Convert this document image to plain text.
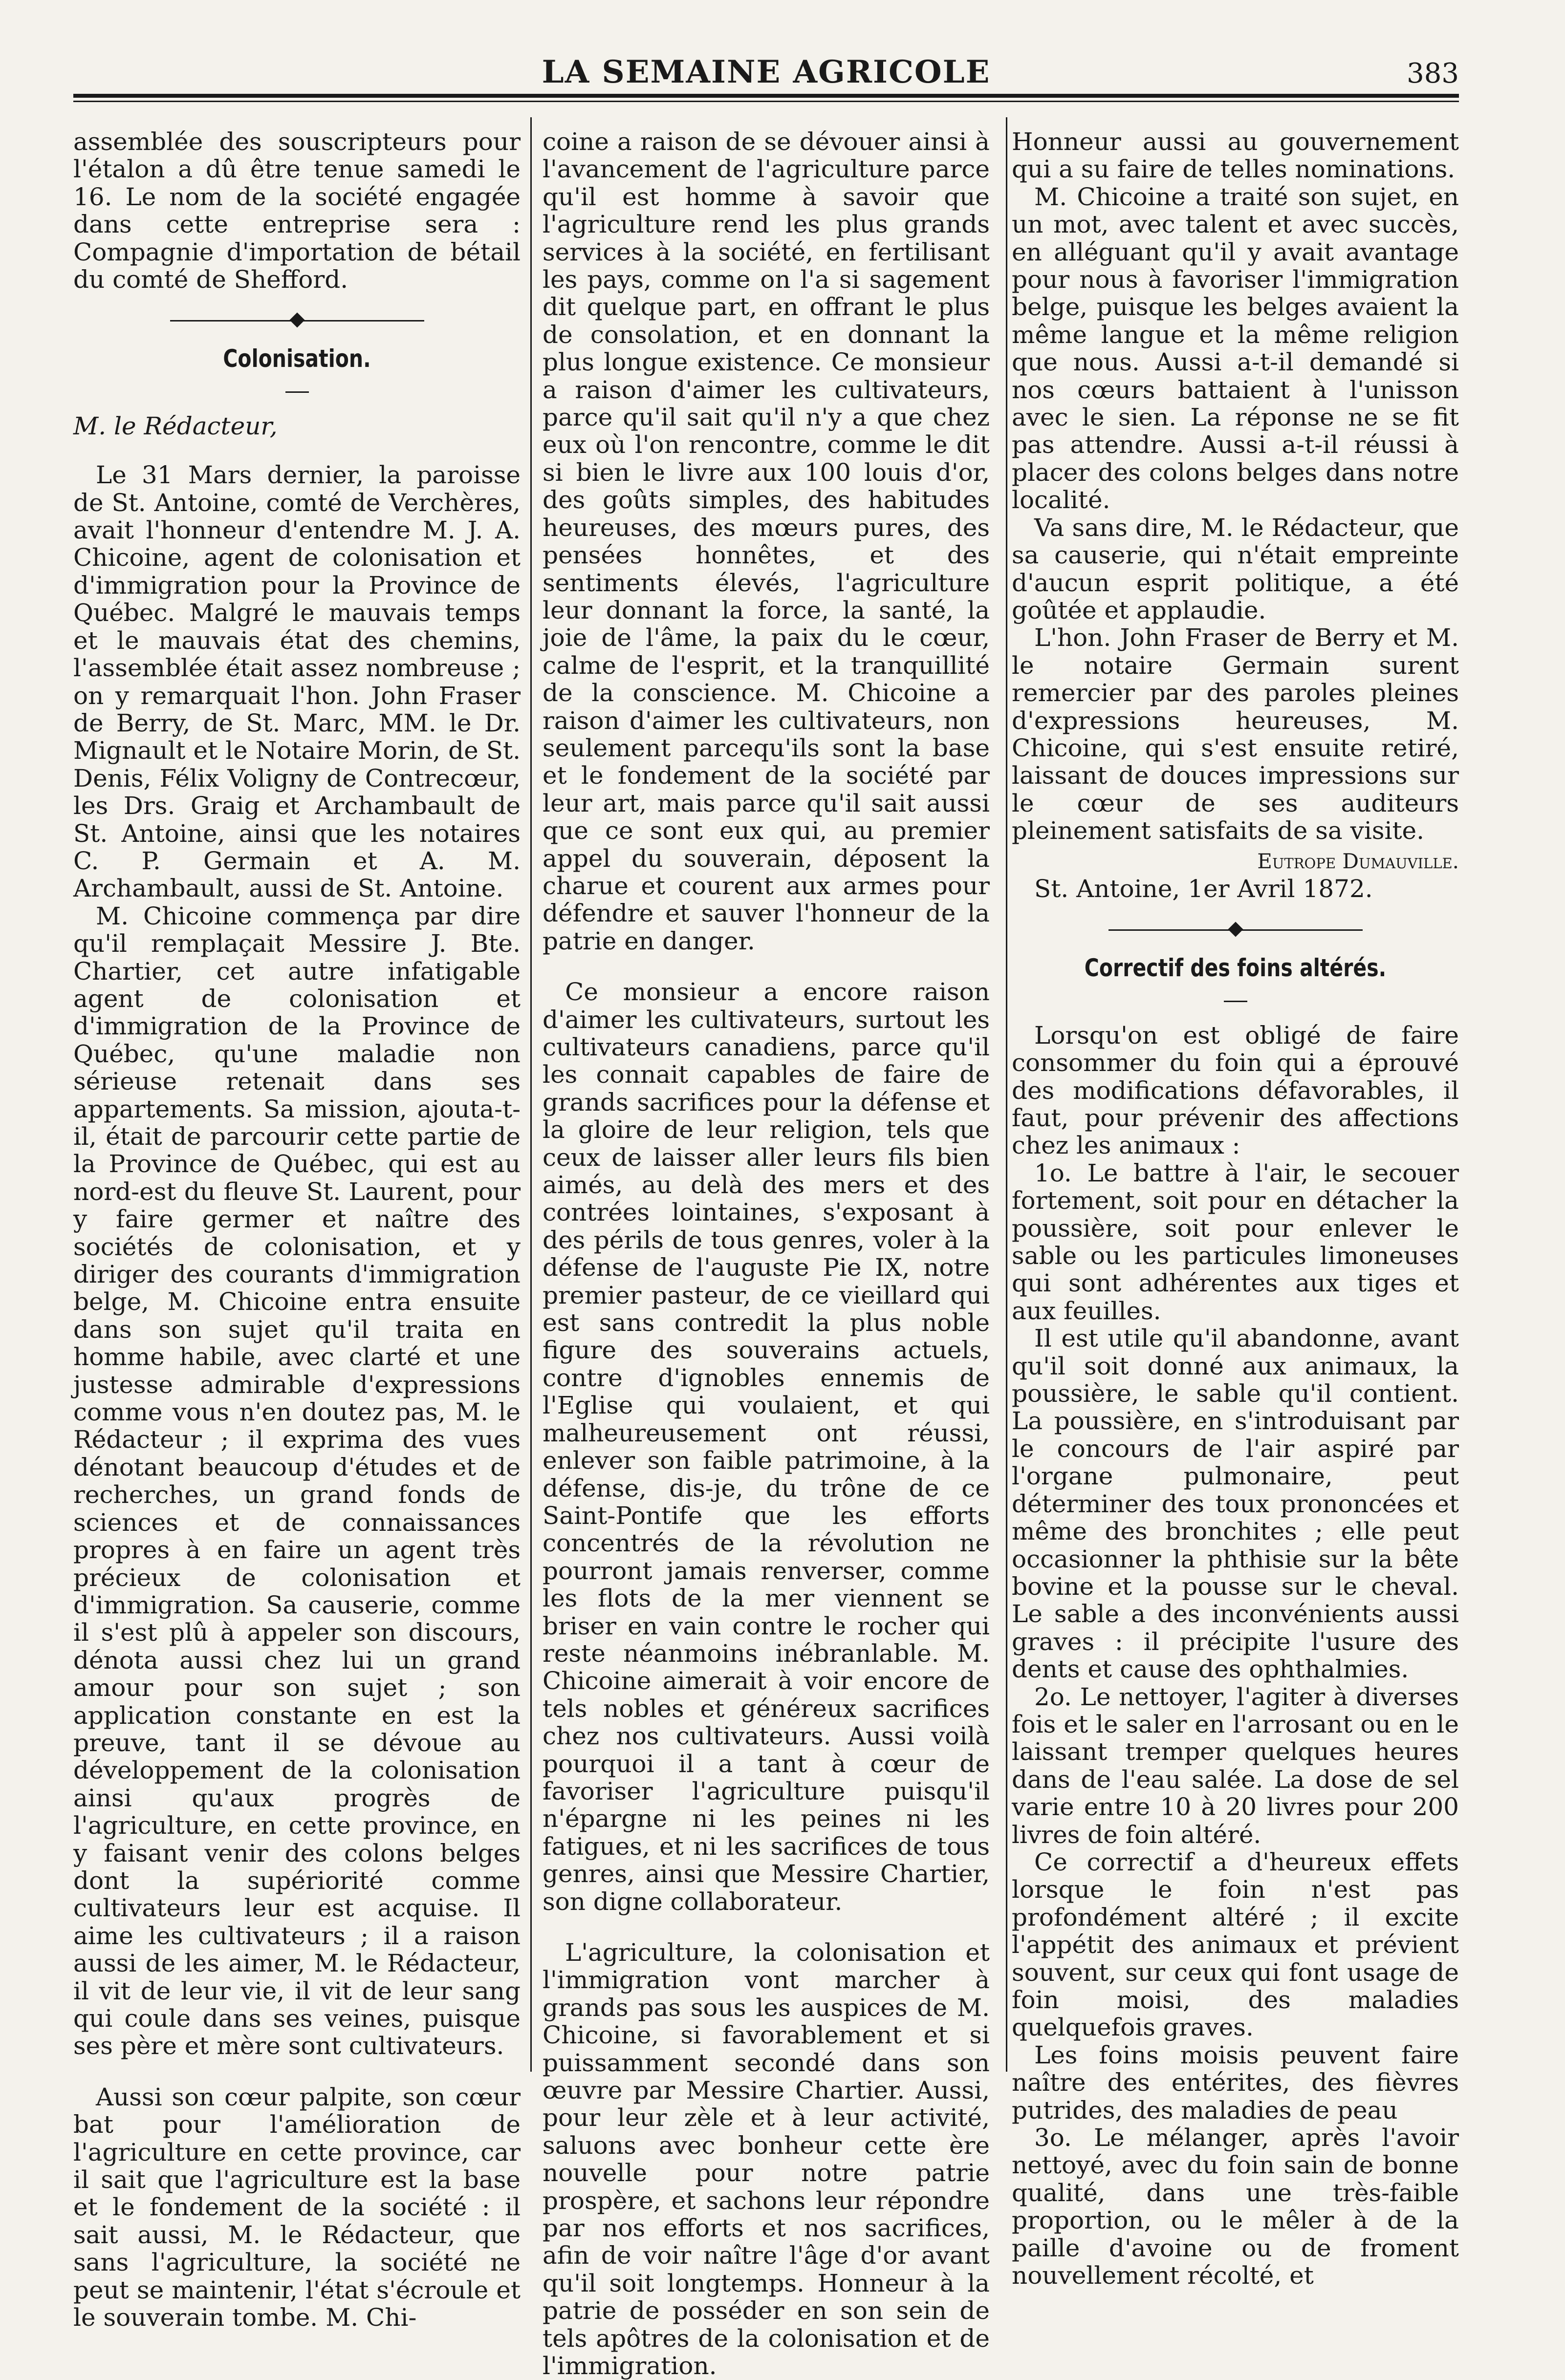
LA SEMAINE AGRICOLE	383

assemblée des souscripteurs pour l'étalon a dû être tenue samedi le 16. Le nom de la société engagée dans cette entreprise sera : Compagnie d'importation de bétail du comté de Shefford.

Colonisation.

M. le Rédacteur,

Le 31 Mars dernier, la paroisse de St. Antoine, comté de Verchères, avait l'honneur d'entendre M. J. A. Chicoine, agent de colonisation et d'immigration pour la Province de Québec. Malgré le mauvais temps et le mauvais état des chemins, l'assemblée était assez nombreuse ; on y remarquait l'hon. John Fraser de Berry, de St. Marc, MM. le Dr. Mignault et le Notaire Morin, de St. Denis, Félix Voligny de Contrecœur, les Drs. Graig et Archambault de St. Antoine, ainsi que les notaires C. P. Germain et A. M. Archambault, aussi de St. Antoine.

M. Chicoine commença par dire qu'il remplaçait Messire J. Bte. Chartier, cet autre infatigable agent de colonisation et d'immigration de la Province de Québec, qu'une maladie non sérieuse retenait dans ses appartements. Sa mission, ajouta-t-il, était de parcourir cette partie de la Province de Québec, qui est au nord-est du fleuve St. Laurent, pour y faire germer et naître des sociétés de colonisation, et y diriger des courants d'immigration belge, M. Chicoine entra ensuite dans son sujet qu'il traita en homme habile, avec clarté et une justesse admirable d'expressions comme vous n'en doutez pas, M. le Rédacteur ; il exprima des vues dénotant beaucoup d'études et de recherches, un grand fonds de sciences et de connaissances propres à en faire un agent très précieux de colonisation et d'immigration. Sa causerie, comme il s'est plû à appeler son discours, dénota aussi chez lui un grand amour pour son sujet ; son application constante en est la preuve, tant il se dévoue au développement de la colonisation ainsi qu'aux progrès de l'agriculture, en cette province, en y faisant venir des colons belges dont la supériorité comme cultivateurs leur est acquise. Il aime les cultivateurs ; il a raison aussi de les aimer, M. le Rédacteur, il vit de leur vie, il vit de leur sang qui coule dans ses veines, puisque ses père et mère sont cultivateurs.

Aussi son cœur palpite, son cœur bat pour l'amélioration de l'agriculture en cette province, car il sait que l'agriculture est la base et le fondement de la société : il sait aussi, M. le Rédacteur, que sans l'agriculture, la société ne peut se maintenir, l'état s'écroule et le souverain tombe. M. Chi-

coine a raison de se dévouer ainsi à l'avancement de l'agriculture parce qu'il est homme à savoir que l'agriculture rend les plus grands services à la société, en fertilisant les pays, comme on l'a si sagement dit quelque part, en offrant le plus de consolation, et en donnant la plus longue existence. Ce monsieur a raison d'aimer les cultivateurs, parce qu'il sait qu'il n'y a que chez eux où l'on rencontre, comme le dit si bien le livre aux 100 louis d'or, des goûts simples, des habitudes heureuses, des mœurs pures, des pensées honnêtes, et des sentiments élevés, l'agriculture leur donnant la force, la santé, la joie de l'âme, la paix du le cœur, calme de l'esprit, et la tranquillité de la conscience. M. Chicoine a raison d'aimer les cultivateurs, non seulement parcequ'ils sont la base et le fondement de la société par leur art, mais parce qu'il sait aussi que ce sont eux qui, au premier appel du souverain, déposent la charue et courent aux armes pour défendre et sauver l'honneur de la patrie en danger.

Ce monsieur a encore raison d'aimer les cultivateurs, surtout les cultivateurs canadiens, parce qu'il les connait capables de faire de grands sacrifices pour la défense et la gloire de leur religion, tels que ceux de laisser aller leurs fils bien aimés, au delà des mers et des contrées lointaines, s'exposant à des périls de tous genres, voler à la défense de l'auguste Pie IX, notre premier pasteur, de ce vieillard qui est sans contredit la plus noble figure des souverains actuels, contre d'ignobles ennemis de l'Eglise qui voulaient, et qui malheureusement ont réussi, enlever son faible patrimoine, à la défense, dis-je, du trône de ce Saint-Pontife que les efforts concentrés de la révolution ne pourront jamais renverser, comme les flots de la mer viennent se briser en vain contre le rocher qui reste néanmoins inébranlable. M. Chicoine aimerait à voir encore de tels nobles et généreux sacrifices chez nos cultivateurs. Aussi voilà pourquoi il a tant à cœur de favoriser l'agriculture puisqu'il n'épargne ni les peines ni les fatigues, et ni les sacrifices de tous genres, ainsi que Messire Chartier, son digne collaborateur.

L'agriculture, la colonisation et l'immigration vont marcher à grands pas sous les auspices de M. Chicoine, si favorablement et si puissamment secondé dans son œuvre par Messire Chartier. Aussi, pour leur zèle et à leur activité, saluons avec bonheur cette ère nouvelle pour notre patrie prospère, et sachons leur répondre par nos efforts et nos sacrifices, afin de voir naître l'âge d'or avant qu'il soit longtemps. Honneur à la patrie de posséder en son sein de tels apôtres de la colonisation et de l'immigration.

Honneur aussi au gouvernement qui a su faire de telles nominations.

M. Chicoine a traité son sujet, en un mot, avec talent et avec succès, en alléguant qu'il y avait avantage pour nous à favoriser l'immigration belge, puisque les belges avaient la même langue et la même religion que nous. Aussi a-t-il demandé si nos cœurs battaient à l'unisson avec le sien. La réponse ne se fit pas attendre. Aussi a-t-il réussi à placer des colons belges dans notre localité.

Va sans dire, M. le Rédacteur, que sa causerie, qui n'était empreinte d'aucun esprit politique, a été goûtée et applaudie.

L'hon. John Fraser de Berry et M. le notaire Germain surent remercier par des paroles pleines d'expressions heureuses, M. Chicoine, qui s'est ensuite retiré, laissant de douces impressions sur le cœur de ses auditeurs pleinement satisfaits de sa visite.

Eutrope Dumauville.

St. Antoine, 1er Avril 1872.

Correctif des foins altérés.

Lorsqu'on est obligé de faire consommer du foin qui a éprouvé des modifications défavorables, il faut, pour prévenir des affections chez les animaux :

1o. Le battre à l'air, le secouer fortement, soit pour en détacher la poussière, soit pour enlever le sable ou les particules limoneuses qui sont adhérentes aux tiges et aux feuilles.

Il est utile qu'il abandonne, avant qu'il soit donné aux animaux, la poussière, le sable qu'il contient. La poussière, en s'introduisant par le concours de l'air aspiré par l'organe pulmonaire, peut déterminer des toux prononcées et même des bronchites ; elle peut occasionner la phthisie sur la bête bovine et la pousse sur le cheval. Le sable a des inconvénients aussi graves : il précipite l'usure des dents et cause des ophthalmies.

2o. Le nettoyer, l'agiter à diverses fois et le saler en l'arrosant ou en le laissant tremper quelques heures dans de l'eau salée. La dose de sel varie entre 10 à 20 livres pour 200 livres de foin altéré.

Ce correctif a d'heureux effets lorsque le foin n'est pas profondément altéré ; il excite l'appétit des animaux et prévient souvent, sur ceux qui font usage de foin moisi, des maladies quelquefois graves.

Les foins moisis peuvent faire naître des entérites, des fièvres putrides, des maladies de peau

3o. Le mélanger, après l'avoir nettoyé, avec du foin sain de bonne qualité, dans une très-faible proportion, ou le mêler à de la paille d'avoine ou de froment nouvellement récolté, et
